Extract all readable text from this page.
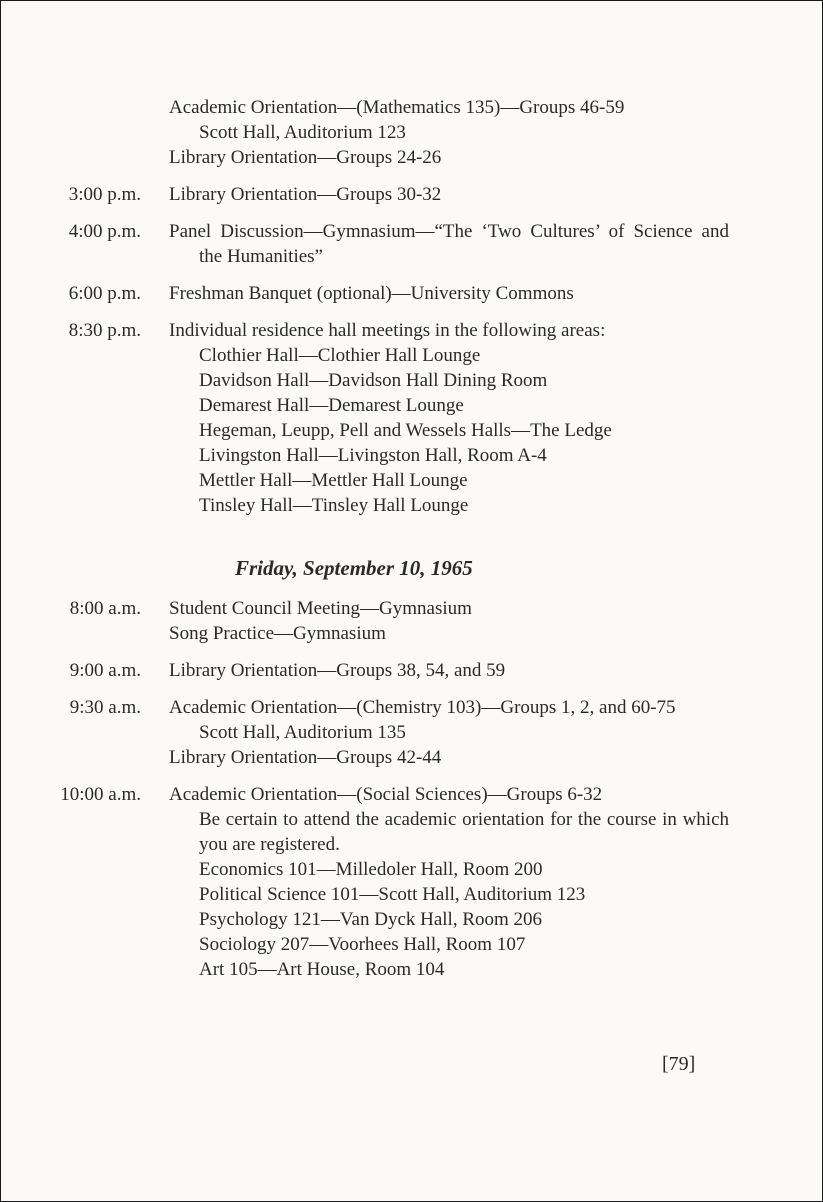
Academic Orientation—(Mathematics 135)—Groups 46-59
Scott Hall, Auditorium 123
Library Orientation—Groups 24-26
3:00 p.m. Library Orientation—Groups 30-32
4:00 p.m. Panel Discussion—Gymnasium—“The ‘Two Cultures’ of Science and the Humanities”
6:00 p.m. Freshman Banquet (optional)—University Commons
8:30 p.m. Individual residence hall meetings in the following areas:
Clothier Hall—Clothier Hall Lounge
Davidson Hall—Davidson Hall Dining Room
Demarest Hall—Demarest Lounge
Hegeman, Leupp, Pell and Wessels Halls—The Ledge
Livingston Hall—Livingston Hall, Room A-4
Mettler Hall—Mettler Hall Lounge
Tinsley Hall—Tinsley Hall Lounge
Friday, September 10, 1965
8:00 a.m. Student Council Meeting—Gymnasium
Song Practice—Gymnasium
9:00 a.m. Library Orientation—Groups 38, 54, and 59
9:30 a.m. Academic Orientation—(Chemistry 103)—Groups 1, 2, and 60-75
Scott Hall, Auditorium 135
Library Orientation—Groups 42-44
10:00 a.m. Academic Orientation—(Social Sciences)—Groups 6-32
Be certain to attend the academic orientation for the course in which you are registered.
Economics 101—Milledoler Hall, Room 200
Political Science 101—Scott Hall, Auditorium 123
Psychology 121—Van Dyck Hall, Room 206
Sociology 207—Voorhees Hall, Room 107
Art 105—Art House, Room 104
[79]
